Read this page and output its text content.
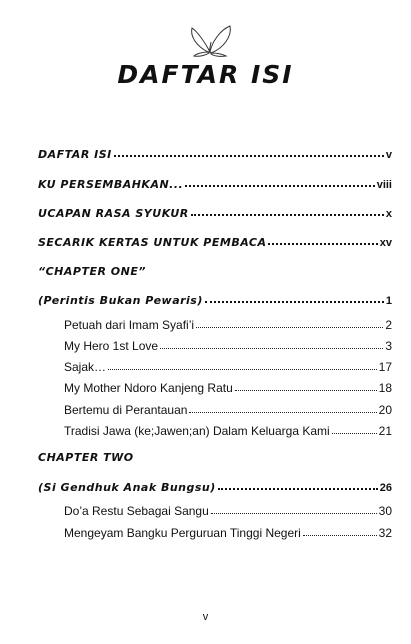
DAFTAR ISI
DAFTAR ISI	v
KU PERSEMBAHKAN...	viii
UCAPAN RASA SYUKUR	x
SECARIK KERTAS UNTUK PEMBACA	xv
“CHAPTER ONE”
(Perintis Bukan Pewaris)	1
Petuah dari Imam Syafi’i	2
My Hero 1st Love	3
Sajak…	17
My Mother Ndoro Kanjeng Ratu	18
Bertemu di Perantauan	20
Tradisi Jawa (ke;Jawen;an) Dalam Keluarga Kami	21
CHAPTER TWO
(Si Gendhuk Anak Bungsu)	26
Do’a Restu Sebagai Sangu	30
Mengeyam Bangku Perguruan Tinggi Negeri	32
v
